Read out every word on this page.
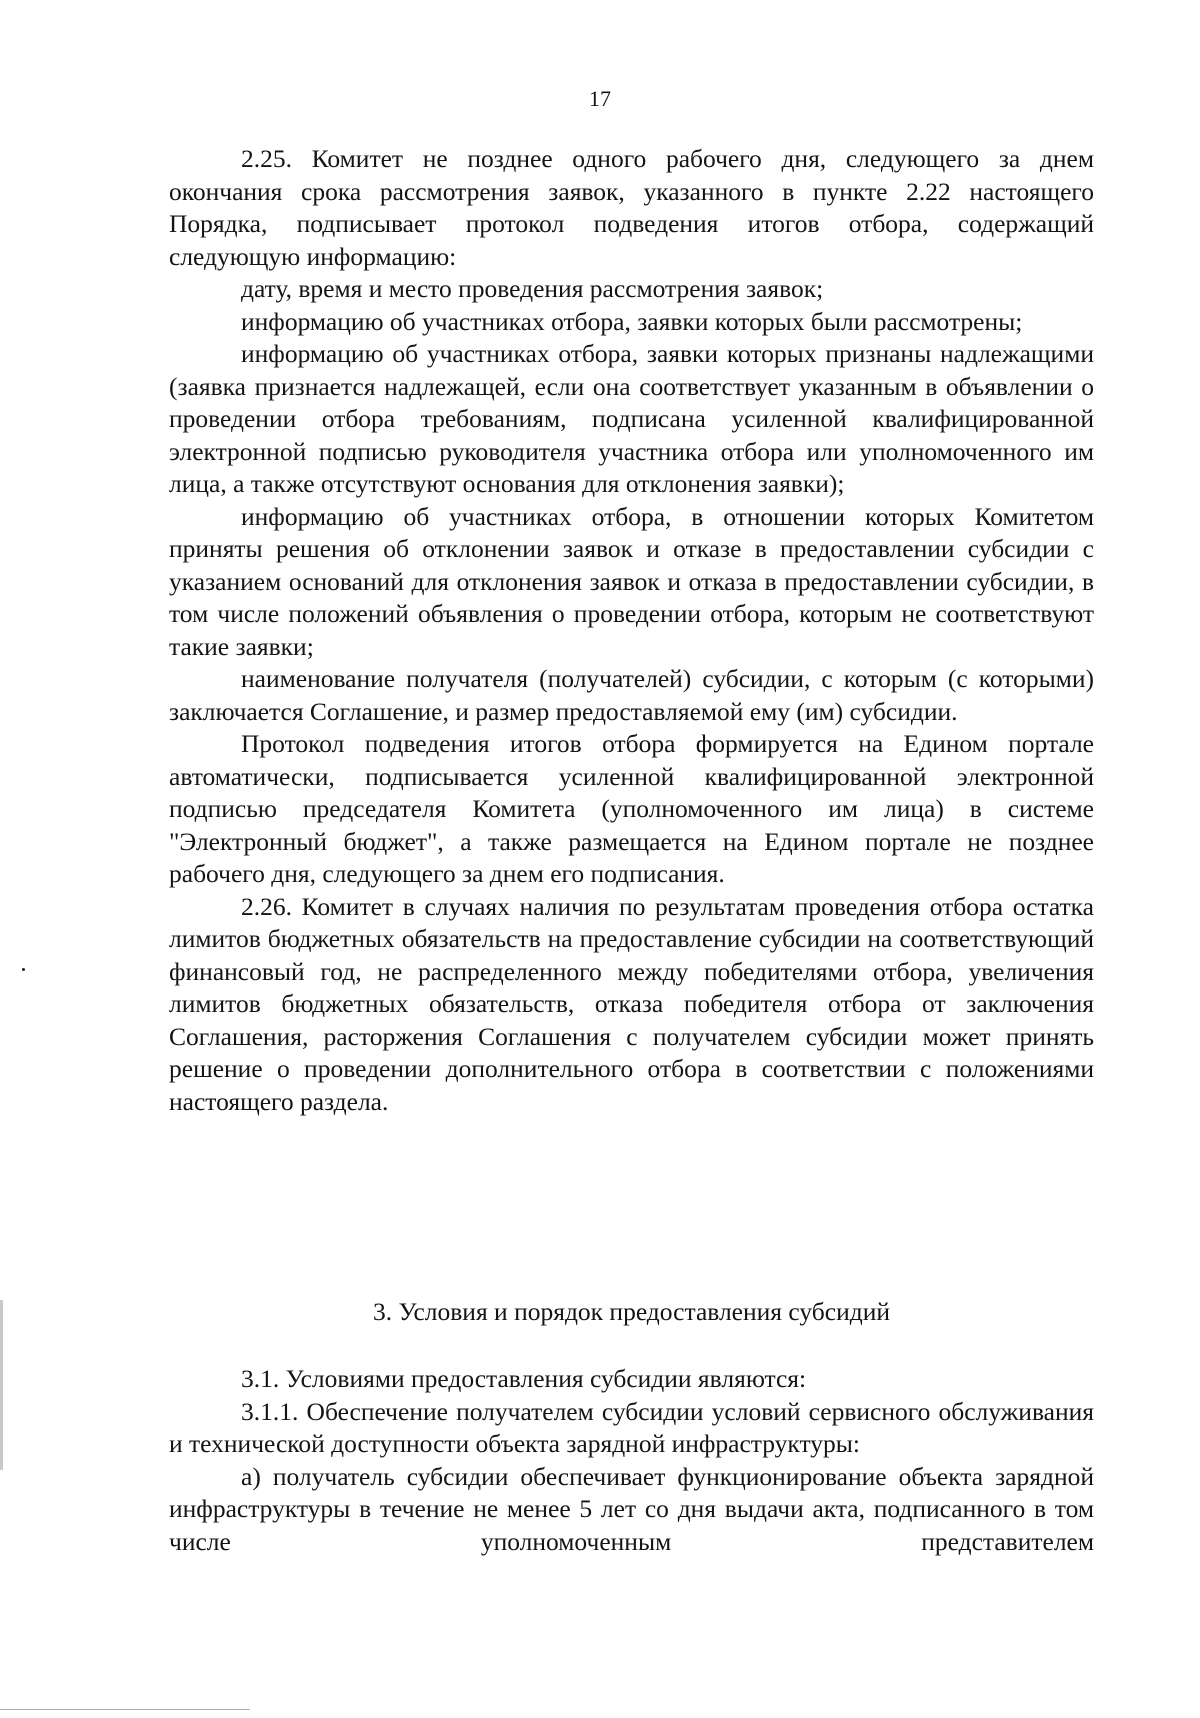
17

2.25. Комитет не позднее одного рабочего дня, следующего за днем окончания срока рассмотрения заявок, указанного в пункте 2.22 настоящего Порядка, подписывает протокол подведения итогов отбора, содержащий следующую информацию:

дату, время и место проведения рассмотрения заявок;

информацию об участниках отбора, заявки которых были рассмотрены;

информацию об участниках отбора, заявки которых признаны надлежащими (заявка признается надлежащей, если она соответствует указанным в объявлении о проведении отбора требованиям, подписана усиленной квалифицированной электронной подписью руководителя участника отбора или уполномоченного им лица, а также отсутствуют основания для отклонения заявки);

информацию об участниках отбора, в отношении которых Комитетом приняты решения об отклонении заявок и отказе в предоставлении субсидии с указанием оснований для отклонения заявок и отказа в предоставлении субсидии, в том числе положений объявления о проведении отбора, которым не соответствуют такие заявки;

наименование получателя (получателей) субсидии, с которым (с которыми) заключается Соглашение, и размер предоставляемой ему (им) субсидии.

Протокол подведения итогов отбора формируется на Едином портале автоматически, подписывается усиленной квалифицированной электронной подписью председателя Комитета (уполномоченного им лица) в системе "Электронный бюджет", а также размещается на Едином портале не позднее рабочего дня, следующего за днем его подписания.

2.26. Комитет в случаях наличия по результатам проведения отбора остатка лимитов бюджетных обязательств на предоставление субсидии на соответствующий финансовый год, не распределенного между победителями отбора, увеличения лимитов бюджетных обязательств, отказа победителя отбора от заключения Соглашения, расторжения Соглашения с получателем субсидии может принять решение о проведении дополнительного отбора в соответствии с положениями настоящего раздела.

3. Условия и порядок предоставления субсидий

3.1. Условиями предоставления субсидии являются:

3.1.1. Обеспечение получателем субсидии условий сервисного обслуживания и технической доступности объекта зарядной инфраструктуры:

а) получатель субсидии обеспечивает функционирование объекта зарядной инфраструктуры в течение не менее 5 лет со дня выдачи акта, подписанного в том числе уполномоченным представителем
